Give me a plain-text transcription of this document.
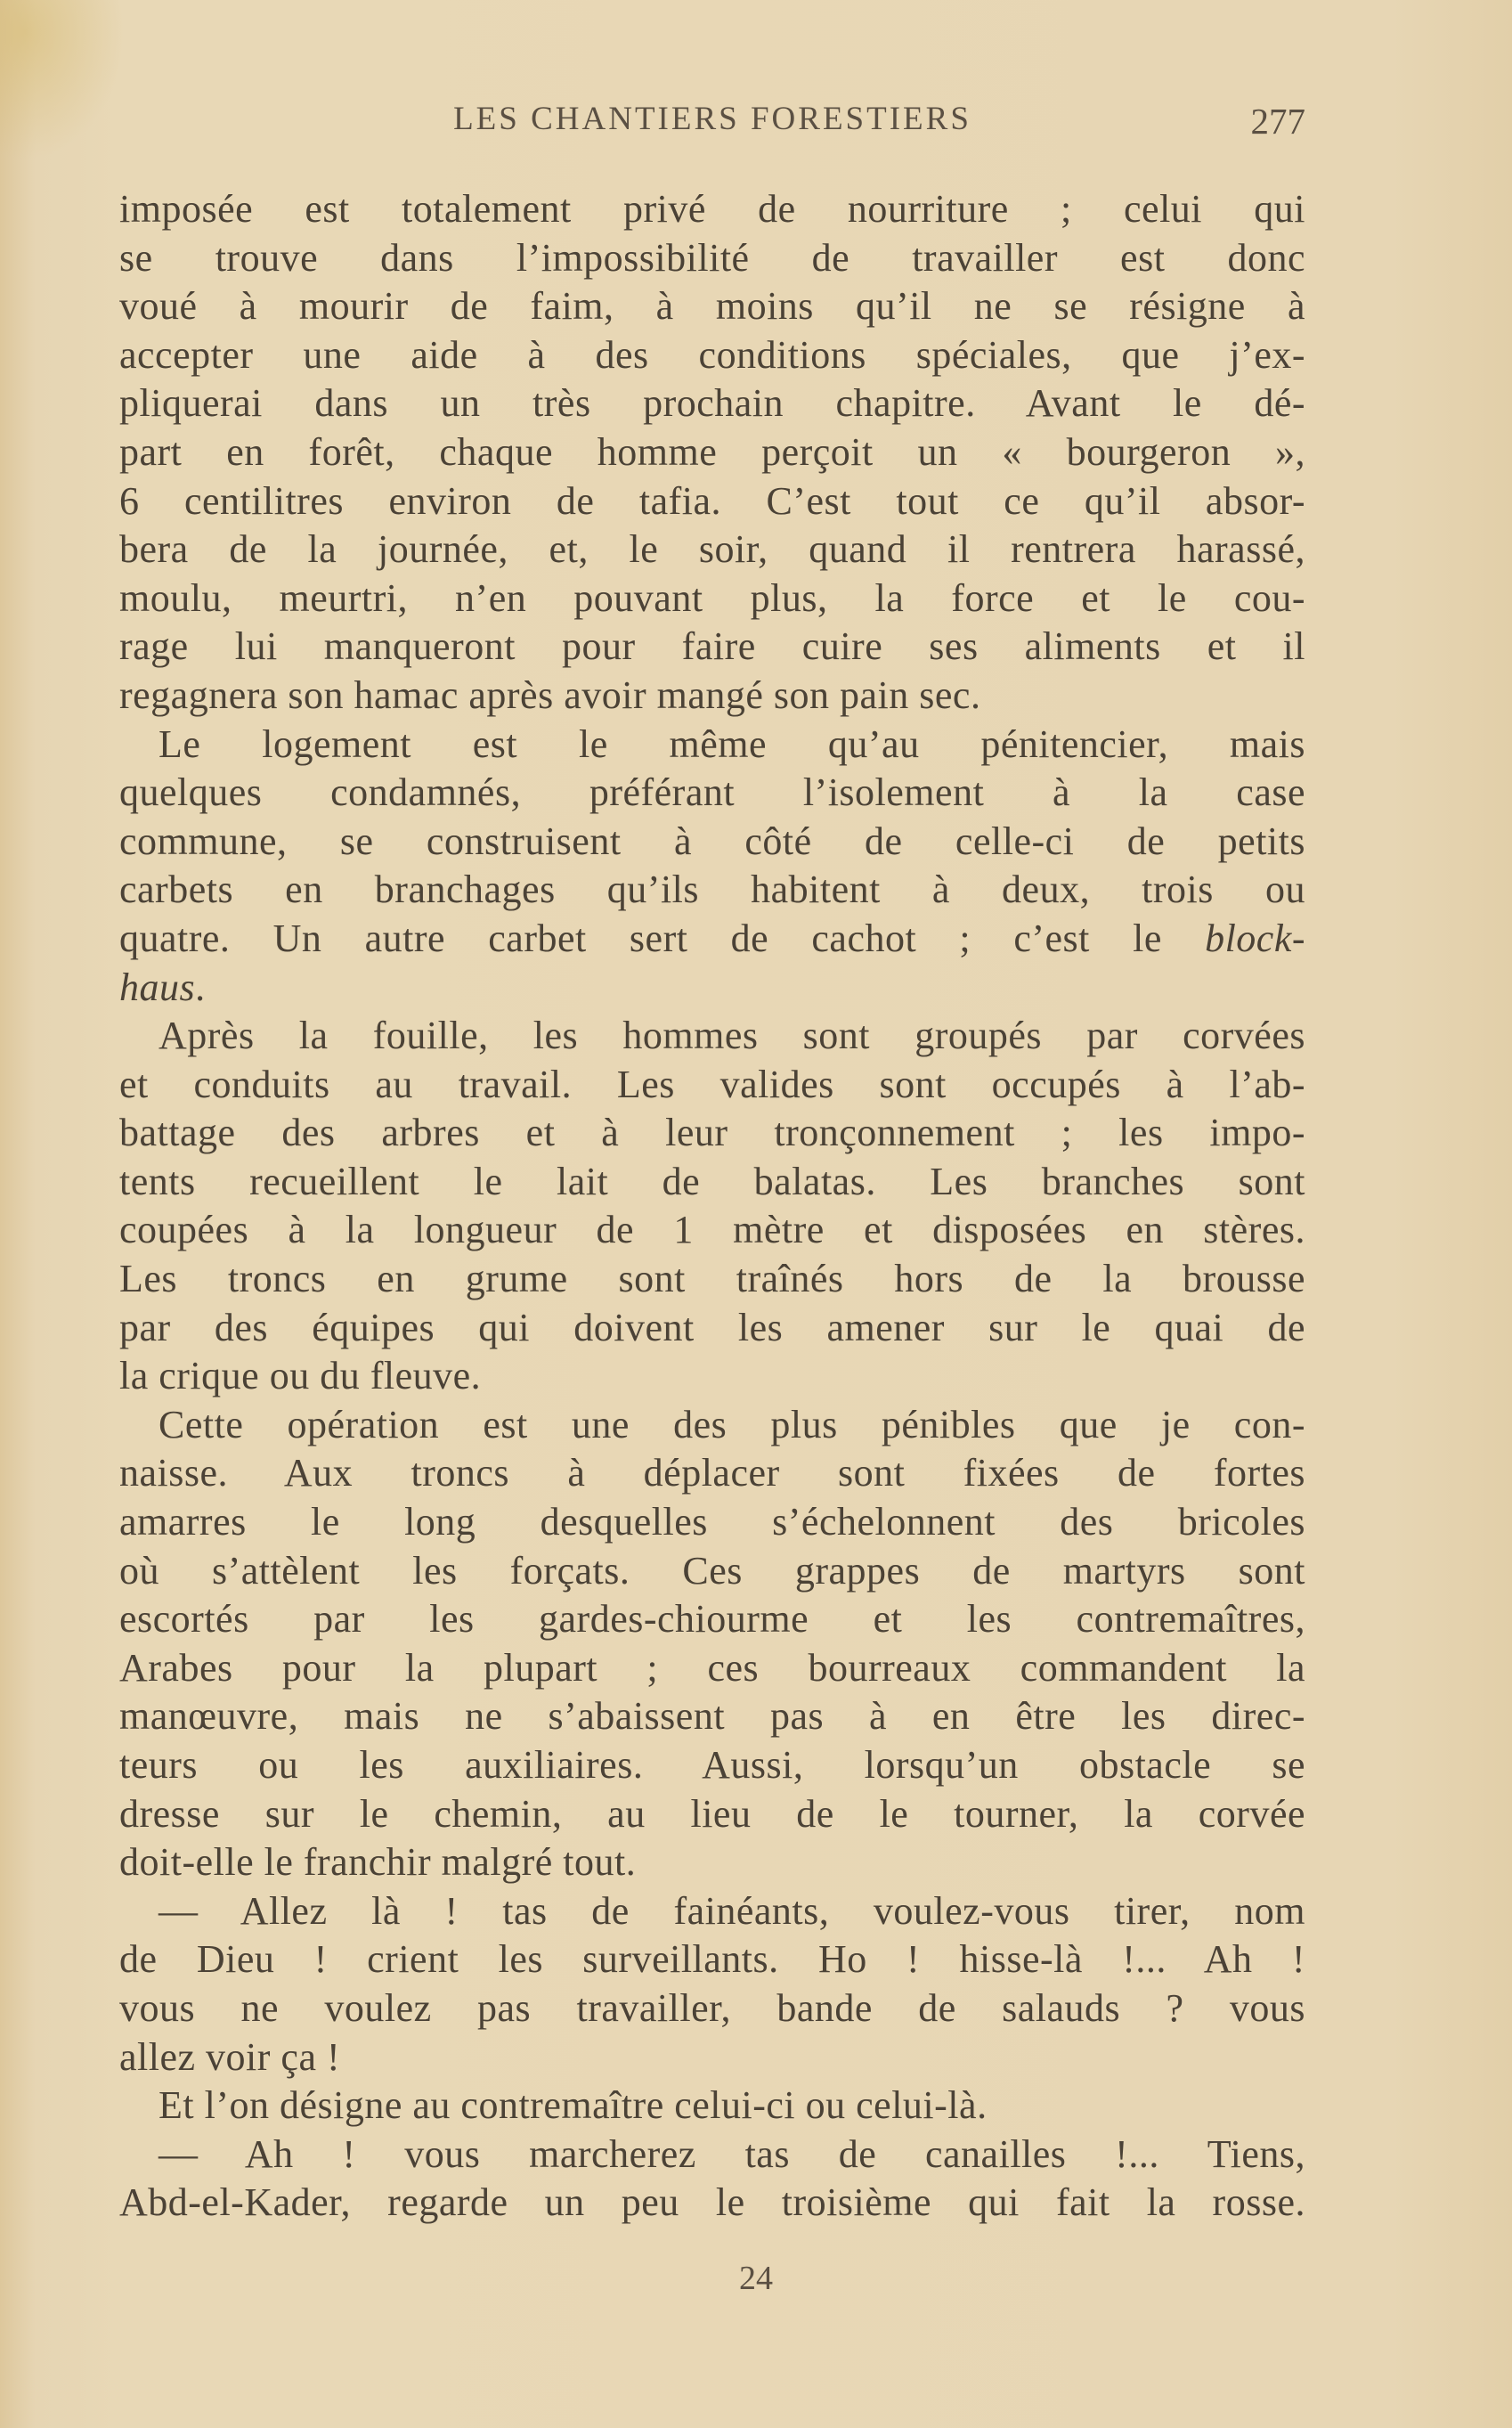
LES CHANTIERS FORESTIERS	277
imposée est totalement privé de nourriture ; celui qui
se trouve dans l’impossibilité de travailler est donc
voué à mourir de faim, à moins qu’il ne se résigne à
accepter une aide à des conditions spéciales, que j’ex-
pliquerai dans un très prochain chapitre. Avant le dé-
part en forêt, chaque homme perçoit un « bourgeron »,
6 centilitres environ de tafia. C’est tout ce qu’il absor-
bera de la journée, et, le soir, quand il rentrera harassé,
moulu, meurtri, n’en pouvant plus, la force et le cou-
rage lui manqueront pour faire cuire ses aliments et il
regagnera son hamac après avoir mangé son pain sec.
Le logement est le même qu’au pénitencier, mais
quelques condamnés, préférant l’isolement à la case
commune, se construisent à côté de celle-ci de petits
carbets en branchages qu’ils habitent à deux, trois ou
quatre. Un autre carbet sert de cachot ; c’est le block-
haus.
Après la fouille, les hommes sont groupés par corvées
et conduits au travail. Les valides sont occupés à l’ab-
battage des arbres et à leur tronçonnement ; les impo-
tents recueillent le lait de balatas. Les branches sont
coupées à la longueur de 1 mètre et disposées en stères.
Les troncs en grume sont traînés hors de la brousse
par des équipes qui doivent les amener sur le quai de
la crique ou du fleuve.
Cette opération est une des plus pénibles que je con-
naisse. Aux troncs à déplacer sont fixées de fortes
amarres le long desquelles s’échelonnent des bricoles
où s’attèlent les forçats. Ces grappes de martyrs sont
escortés par les gardes-chiourme et les contremaîtres,
Arabes pour la plupart ; ces bourreaux commandent la
manœuvre, mais ne s’abaissent pas à en être les direc-
teurs ou les auxiliaires. Aussi, lorsqu’un obstacle se
dresse sur le chemin, au lieu de le tourner, la corvée
doit-elle le franchir malgré tout.
— Allez là ! tas de fainéants, voulez-vous tirer, nom
de Dieu ! crient les surveillants. Ho ! hisse-là !... Ah !
vous ne voulez pas travailler, bande de salauds ? vous
allez voir ça !
Et l’on désigne au contremaître celui-ci ou celui-là.
— Ah ! vous marcherez tas de canailles !... Tiens,
Abd-el-Kader, regarde un peu le troisième qui fait la rosse.
24
